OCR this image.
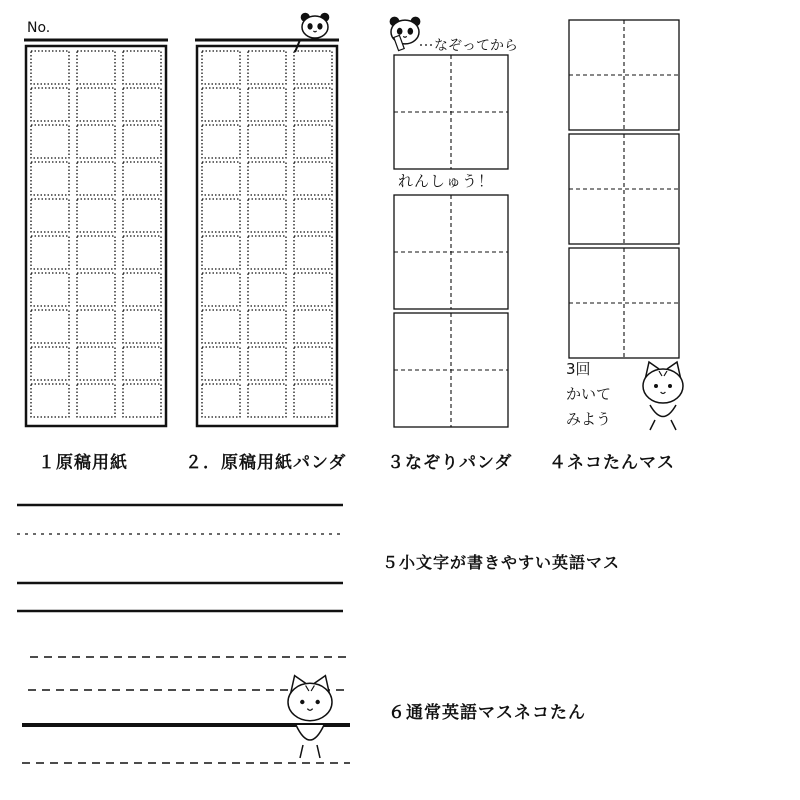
No.
１原稿用紙	２．原稿用紙パンダ
なぞってから
れんしゅう！
３なぞりパンダ
3回
かいて
みよう
４ネコたんマス
５小文字が書きやすい英語マス
６通常英語マスネコたん
